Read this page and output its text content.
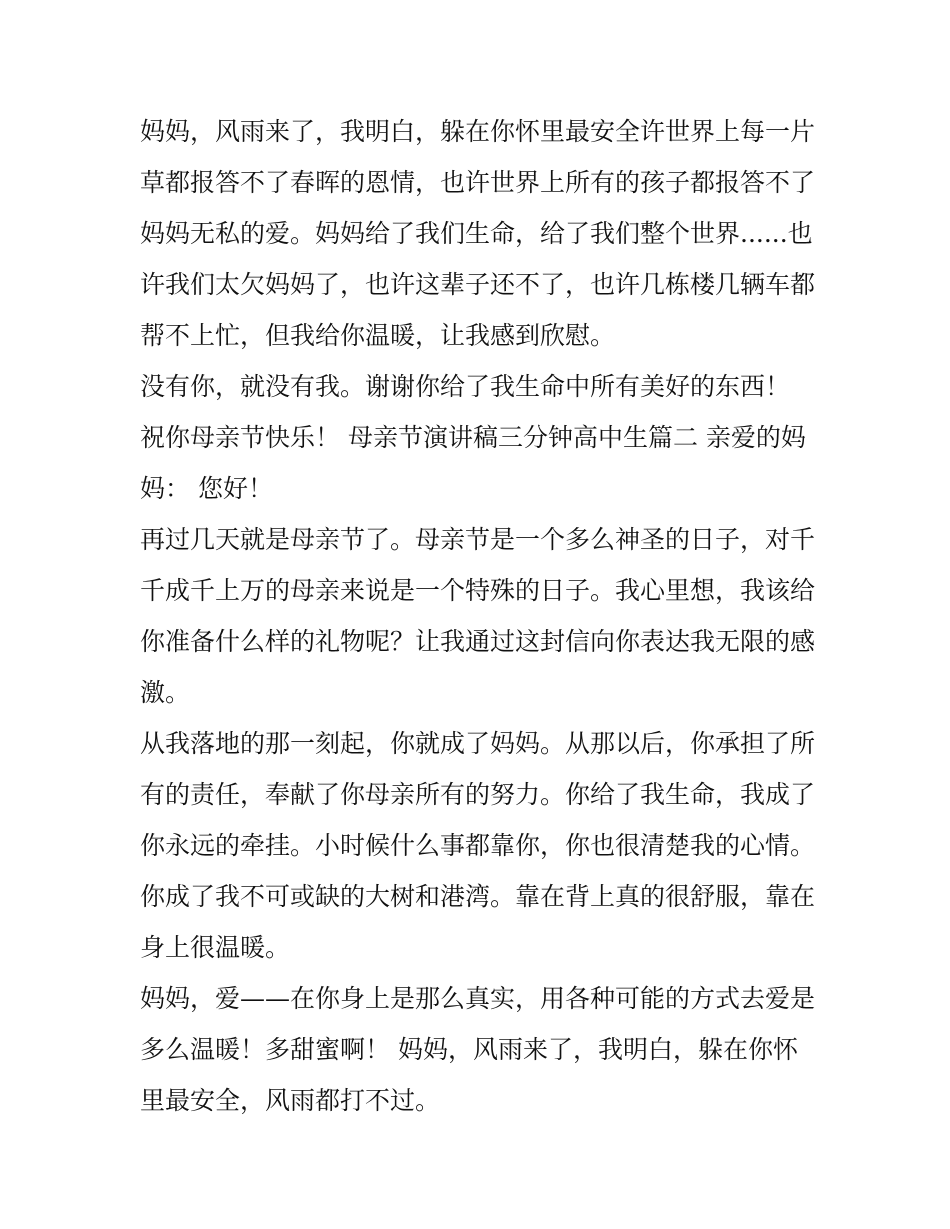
妈妈，风雨来了，我明白，躲在你怀里最安全许世界上每一片草都报答不了春晖的恩情，也许世界上所有的孩子都报答不了妈妈无私的爱。妈妈给了我们生命，给了我们整个世界......也许我们太欠妈妈了，也许这辈子还不了，也许几栋楼几辆车都帮不上忙，但我给你温暖，让我感到欣慰。

没有你，就没有我。谢谢你给了我生命中所有美好的东西！

祝你母亲节快乐！ 母亲节演讲稿三分钟高中生篇二 亲爱的妈妈： 您好！

再过几天就是母亲节了。母亲节是一个多么神圣的日子，对千千成千上万的母亲来说是一个特殊的日子。我心里想，我该给你准备什么样的礼物呢？让我通过这封信向你表达我无限的感激。

从我落地的那一刻起，你就成了妈妈。从那以后，你承担了所有的责任，奉献了你母亲所有的努力。你给了我生命，我成了你永远的牵挂。小时候什么事都靠你，你也很清楚我的心情。你成了我不可或缺的大树和港湾。靠在背上真的很舒服，靠在身上很温暖。

妈妈，爱——在你身上是那么真实，用各种可能的方式去爱是多么温暖！多甜蜜啊！ 妈妈，风雨来了，我明白，躲在你怀里最安全，风雨都打不过。
